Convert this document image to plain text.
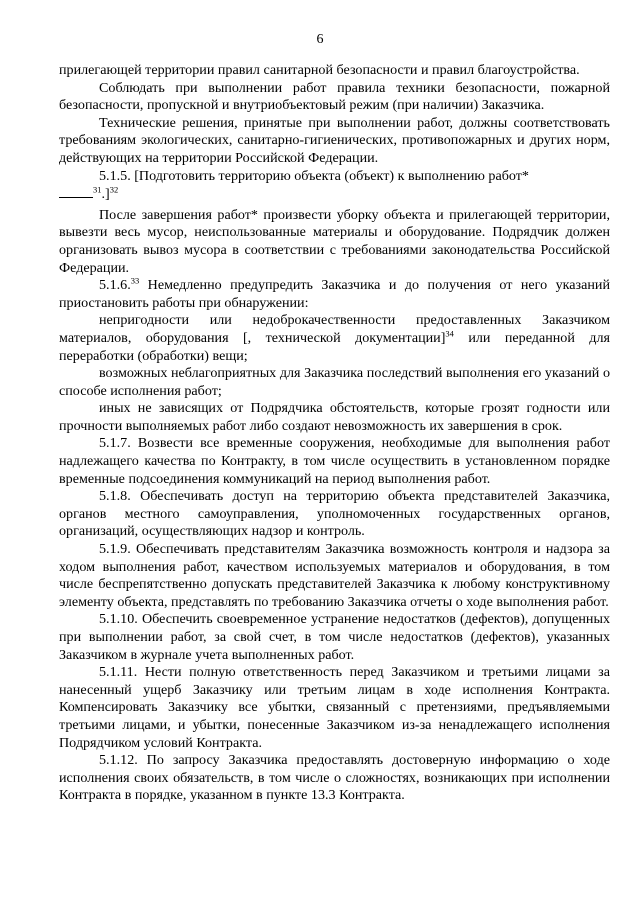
6

прилегающей территории правил санитарной безопасности и правил благоустройства.

Соблюдать при выполнении работ правила техники безопасности, пожарной безопасности, пропускной и внутриобъектовый режим (при наличии) Заказчика.

Технические решения, принятые при выполнении работ, должны соответствовать требованиям экологических, санитарно-гигиенических, противопожарных и других норм, действующих на территории Российской Федерации.

5.1.5. [Подготовить территорию объекта (объект) к выполнению работ*
$^{31}$.]$^{32}$

После завершения работ* произвести уборку объекта и прилегающей территории, вывезти весь мусор, неиспользованные материалы и оборудование. Подрядчик должен организовать вывоз мусора в соответствии с требованиями законодательства Российской Федерации.

5.1.6.33 Немедленно предупредить Заказчика и до получения от него указаний приостановить работы при обнаружении:

непригодности или недоброкачественности предоставленных Заказчиком материалов, оборудования [, технической документации]$^{34}$ или переданной для переработки (обработки) вещи;

возможных неблагоприятных для Заказчика последствий выполнения его указаний о способе исполнения работ;

иных не зависящих от Подрядчика обстоятельств, которые грозят годности или прочности выполняемых работ либо создают невозможность их завершения в срок.

5.1.7. Возвести все временные сооружения, необходимые для выполнения работ надлежащего качества по Контракту, в том числе осуществить в установленном порядке временные подсоединения коммуникаций на период выполнения работ.

5.1.8. Обеспечивать доступ на территорию объекта представителей Заказчика, органов местного самоуправления, уполномоченных государственных органов, организаций, осуществляющих надзор и контроль.

5.1.9. Обеспечивать представителям Заказчика возможность контроля и надзора за ходом выполнения работ, качеством используемых материалов и оборудования, в том числе беспрепятственно допускать представителей Заказчика к любому конструктивному элементу объекта, представлять по требованию Заказчика отчеты о ходе выполнения работ.

5.1.10. Обеспечить своевременное устранение недостатков (дефектов), допущенных при выполнении работ, за свой счет, в том числе недостатков (дефектов), указанных Заказчиком в журнале учета выполненных работ.

5.1.11. Нести полную ответственность перед Заказчиком и третьими лицами за нанесенный ущерб Заказчику или третьим лицам в ходе исполнения Контракта. Компенсировать Заказчику все убытки, связанный с претензиями, предъявляемыми третьими лицами, и убытки, понесенные Заказчиком из-за ненадлежащего исполнения Подрядчиком условий Контракта.

5.1.12. По запросу Заказчика предоставлять достоверную информацию о ходе исполнения своих обязательств, в том числе о сложностях, возникающих при исполнении Контракта в порядке, указанном в пункте 13.3 Контракта.
